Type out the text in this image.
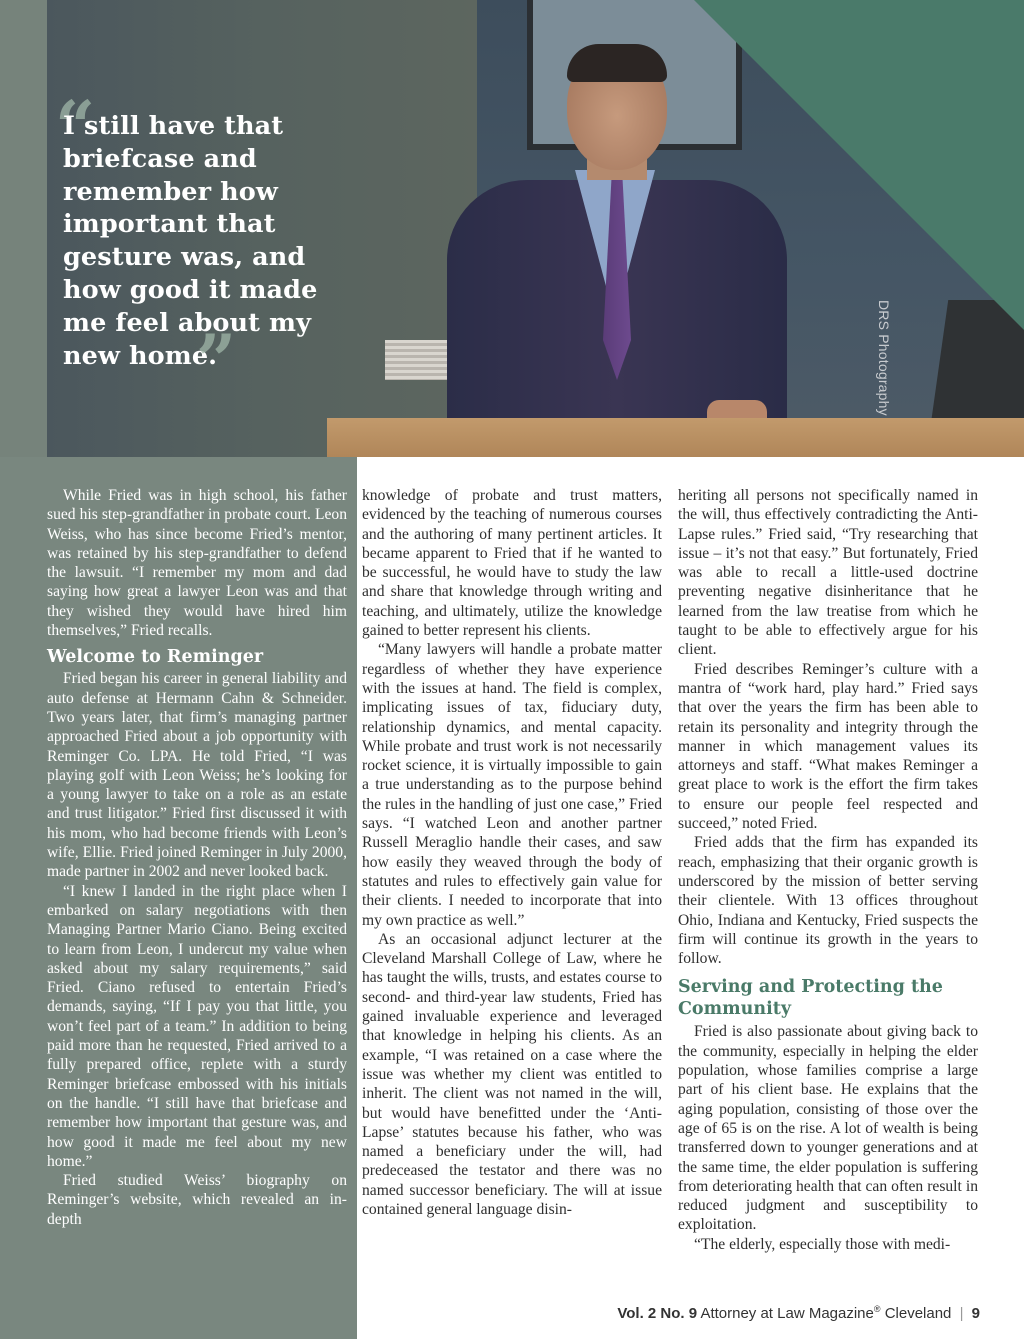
DRS Photography
“

I still have that briefcase and remember how important that gesture was, and how good it made me feel about my new home.

”

While Fried was in high school, his father sued his step-grandfather in probate court. Leon Weiss, who has since become Fried’s mentor, was retained by his step-grandfather to defend the lawsuit. “I remember my mom and dad saying how great a lawyer Leon was and that they wished they would have hired him themselves,” Fried recalls.

Welcome to Reminger

Fried began his career in general liability and auto defense at Hermann Cahn & Schneider. Two years later, that firm’s managing partner approached Fried about a job opportunity with Reminger Co. LPA. He told Fried, “I was playing golf with Leon Weiss; he’s looking for a young lawyer to take on a role as an estate and trust litigator.” Fried first discussed it with his mom, who had become friends with Leon’s wife, Ellie. Fried joined Reminger in July 2000, made partner in 2002 and never looked back.

“I knew I landed in the right place when I embarked on salary negotiations with then Managing Partner Mario Ciano. Being excited to learn from Leon, I undercut my value when asked about my salary requirements,” said Fried. Ciano refused to entertain Fried’s demands, saying, “If I pay you that little, you won’t feel part of a team.” In addition to being paid more than he requested, Fried arrived to a fully prepared office, replete with a sturdy Reminger briefcase embossed with his initials on the handle. “I still have that briefcase and remember how important that gesture was, and how good it made me feel about my new home.”

Fried studied Weiss’ biography on Reminger’s website, which revealed an in-depth

knowledge of probate and trust matters, evidenced by the teaching of numerous courses and the authoring of many pertinent articles. It became apparent to Fried that if he wanted to be successful, he would have to study the law and share that knowledge through writing and teaching, and ultimately, utilize the knowledge gained to better represent his clients.

“Many lawyers will handle a probate matter regardless of whether they have experience with the issues at hand. The field is complex, implicating issues of tax, fiduciary duty, relationship dynamics, and mental capacity. While probate and trust work is not necessarily rocket science, it is virtually impossible to gain a true understanding as to the purpose behind the rules in the handling of just one case,” Fried says. “I watched Leon and another partner Russell Meraglio handle their cases, and saw how easily they weaved through the body of statutes and rules to effectively gain value for their clients. I needed to incorporate that into my own practice as well.”

As an occasional adjunct lecturer at the Cleveland Marshall College of Law, where he has taught the wills, trusts, and estates course to second- and third-year law students, Fried has gained invaluable experience and leveraged that knowledge in helping his clients. As an example, “I was retained on a case where the issue was whether my client was entitled to inherit. The client was not named in the will, but would have benefitted under the ‘Anti-Lapse’ statutes because his father, who was named a beneficiary under the will, had predeceased the testator and there was no named successor beneficiary. The will at issue contained general language disin-

heriting all persons not specifically named in the will, thus effectively contradicting the Anti-Lapse rules.” Fried said, “Try researching that issue – it’s not that easy.” But fortunately, Fried was able to recall a little-used doctrine preventing negative disinheritance that he learned from the law treatise from which he taught to be able to effectively argue for his client.

Fried describes Reminger’s culture with a mantra of “work hard, play hard.” Fried says that over the years the firm has been able to retain its personality and integrity through the manner in which management values its attorneys and staff. “What makes Reminger a great place to work is the effort the firm takes to ensure our people feel respected and succeed,” noted Fried.

Fried adds that the firm has expanded its reach, emphasizing that their organic growth is underscored by the mission of better serving their clientele. With 13 offices throughout Ohio, Indiana and Kentucky, Fried suspects the firm will continue its growth in the years to follow.

Serving and Protecting the Community

Fried is also passionate about giving back to the community, especially in helping the elder population, whose families comprise a large part of his client base. He explains that the aging population, consisting of those over the age of 65 is on the rise. A lot of wealth is being transferred down to younger generations and at the same time, the elder population is suffering from deteriorating health that can often result in reduced judgment and susceptibility to exploitation.

“The elderly, especially those with medi-

Vol. 2 No. 9 Attorney at Law Magazine® Cleveland | 9
